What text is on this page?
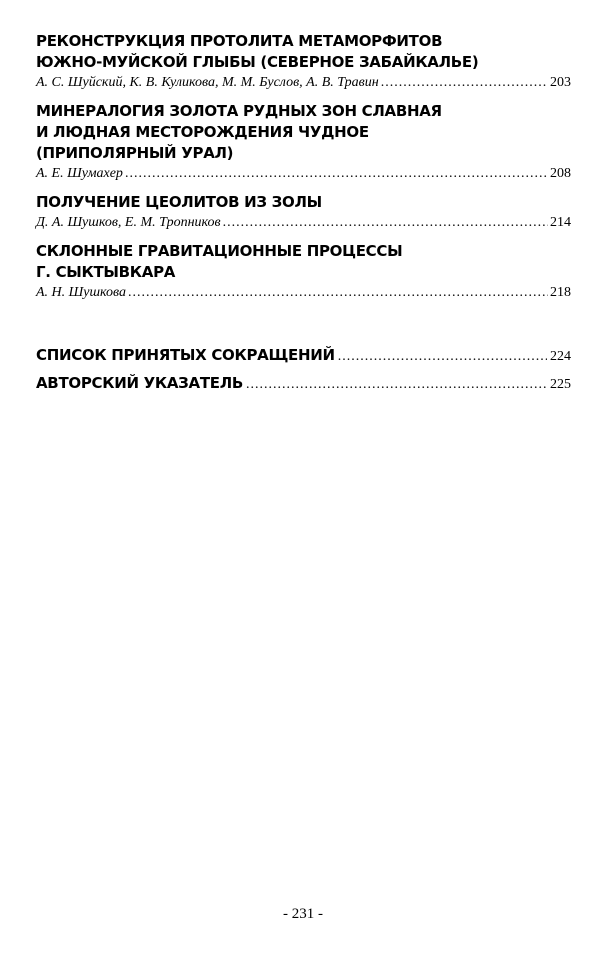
РЕКОНСТРУКЦИЯ ПРОТОЛИТА МЕТАМОРФИТОВ
ЮЖНО-МУЙСКОЙ ГЛЫБЫ (СЕВЕРНОЕ ЗАБАЙКАЛЬЕ)
А. С. Шуйский, К. В. Куликова, М. М. Буслов, А. В. Травин .....	203
МИНЕРАЛОГИЯ ЗОЛОТА РУДНЫХ ЗОН СЛАВНАЯ
И ЛЮДНАЯ МЕСТОРОЖДЕНИЯ ЧУДНОЕ
(ПРИПОЛЯРНЫЙ УРАЛ)
А. Е. Шумахер .....	208
ПОЛУЧЕНИЕ ЦЕОЛИТОВ ИЗ ЗОЛЫ
Д. А. Шушков, Е. М. Тропников .....	214
СКЛОННЫЕ ГРАВИТАЦИОННЫЕ ПРОЦЕССЫ
Г. СЫКТЫВКАРА
А. Н. Шушкова .....	218
СПИСОК ПРИНЯТЫХ СОКРАЩЕНИЙ .....	224
АВТОРСКИЙ УКАЗАТЕЛЬ .....	225
- 231 -
